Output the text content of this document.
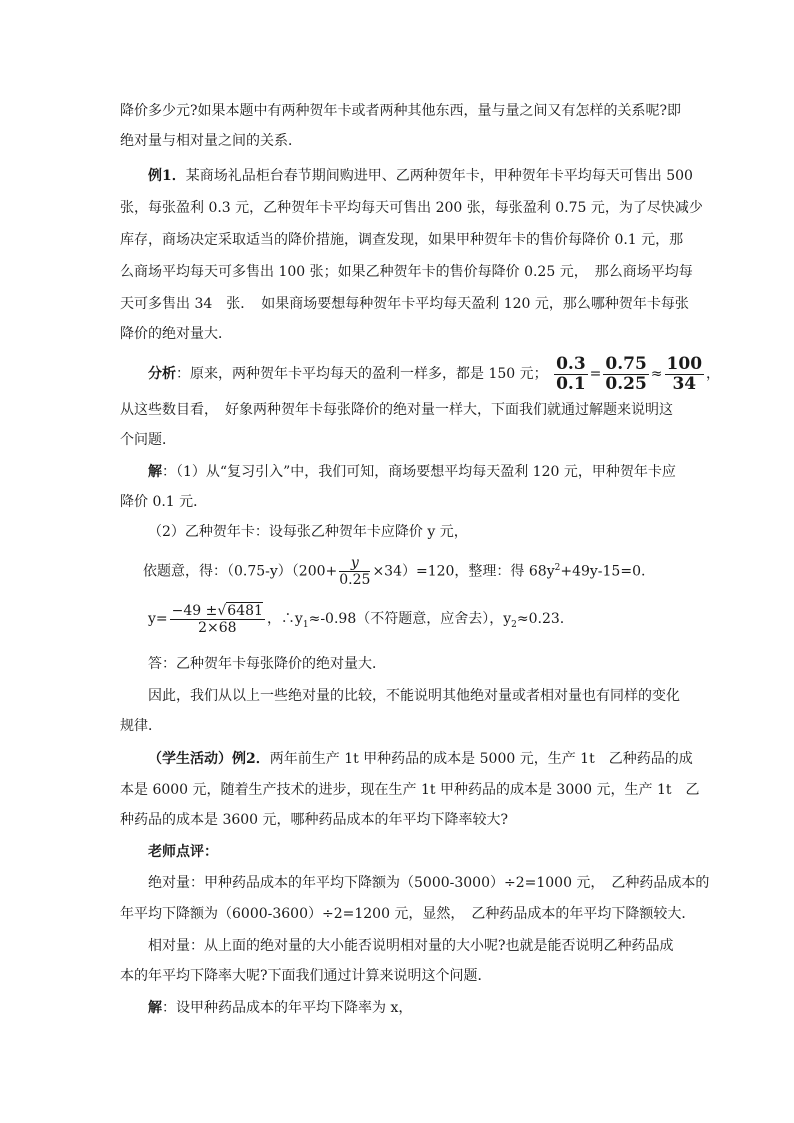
降价多少元?如果本题中有两种贺年卡或者两种其他东西，量与量之间又有怎样的关系呢?即
绝对量与相对量之间的关系．
例1．某商场礼品柜台春节期间购进甲、乙两种贺年卡，甲种贺年卡平均每天可售出 500
张，每张盈利 0.3 元，乙种贺年卡平均每天可售出 200 张，每张盈利 0.75 元，为了尽快减少
库存，商场决定采取适当的降价措施，调查发现，如果甲种贺年卡的售价每降价 0.1 元，那
么商场平均每天可多售出 100 张；如果乙种贺年卡的售价每降价 0.25 元，　那么商场平均每
天可多售出 34　张．　如果商场要想每种贺年卡平均每天盈利 120 元，那么哪种贺年卡每张
降价的绝对量大．
分析：原来，两种贺年卡平均每天的盈利一样多，都是 150 元； $\frac{0.3}{0.1} = \frac{0.75}{0.25} \approx \frac{100}{34}$ ，
从这些数目看，　好象两种贺年卡每张降价的绝对量一样大，下面我们就通过解题来说明这
个问题．
解：（1）从“复习引入”中，我们可知，商场要想平均每天盈利 120 元，甲种贺年卡应
降价 0.1 元．
（2）乙种贺年卡：设每张乙种贺年卡应降价 y 元，
依题意，得：$(0.75-y)(200+ \frac{y}{0.25} \times 34)=120$，整理：得 $68y^2+49y-15=0$.
$y= \frac{-49 \pm√6481}{2\times 68}$ ，$\therefore y_1\approx-0.98$（不符题意，应舍去），$y_2\approx 0.23$.
答：乙种贺年卡每张降价的绝对量大．
因此，我们从以上一些绝对量的比较，不能说明其他绝对量或者相对量也有同样的变化
规律．
（学生活动）例2．两年前生产 1t 甲种药品的成本是 5000 元，生产 1t　乙种药品的成
本是 6000 元，随着生产技术的进步，现在生产 1t 甲种药品的成本是 3000 元，生产 1t　乙
种药品的成本是 3600 元，哪种药品成本的年平均下降率较大?
老师点评：
绝对量：甲种药品成本的年平均下降额为（5000-3000）÷2=1000 元，　乙种药品成本的
年平均下降额为（6000-3600）÷2=1200 元，显然，　乙种药品成本的年平均下降额较大．
相对量：从上面的绝对量的大小能否说明相对量的大小呢?也就是能否说明乙种药品成
本的年平均下降率大呢?下面我们通过计算来说明这个问题．
解：设甲种药品成本的年平均下降率为 x，
